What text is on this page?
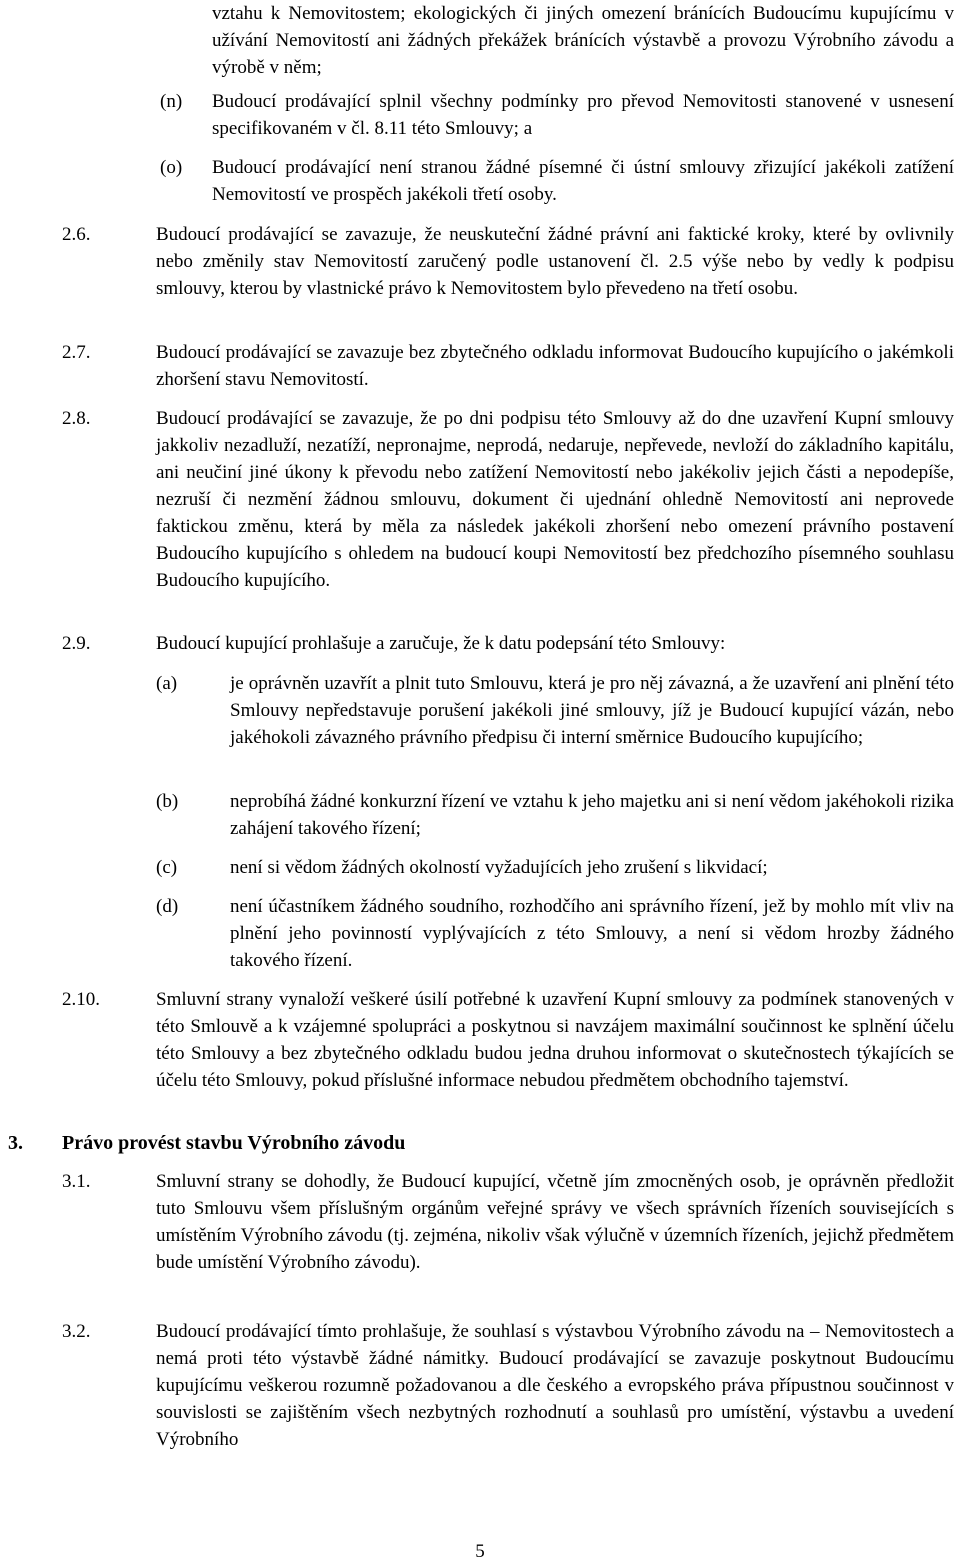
vztahu k Nemovitostem; ekologických či jiných omezení bránících Budoucímu kupujícímu v užívání Nemovitostí ani žádných překážek bránících výstavbě a provozu Výrobního závodu a výrobě v něm;

(n) Budoucí prodávající splnil všechny podmínky pro převod Nemovitosti stanovené v usnesení specifikovaném v čl. 8.11 této Smlouvy; a

(o) Budoucí prodávající není stranou žádné písemné či ústní smlouvy zřizující jakékoli zatížení Nemovitostí ve prospěch jakékoli třetí osoby.

2.6.	Budoucí prodávající se zavazuje, že neuskuteční žádné právní ani faktické kroky, které by ovlivnily nebo změnily stav Nemovitostí zaručený podle ustanovení čl. 2.5 výše nebo by vedly k podpisu smlouvy, kterou by vlastnické právo k Nemovitostem bylo převedeno na třetí osobu.

2.7.	Budoucí prodávající se zavazuje bez zbytečného odkladu informovat Budoucího kupujícího o jakémkoli zhoršení stavu Nemovitostí.

2.8.	Budoucí prodávající se zavazuje, že po dni podpisu této Smlouvy až do dne uzavření Kupní smlouvy jakkoliv nezadluží, nezatíží, nepronajme, neprodá, nedaruje, nepřevede, nevloží do základního kapitálu, ani neučiní jiné úkony k převodu nebo zatížení Nemovitostí nebo jakékoliv jejich části a nepodepíše, nezruší či nezmění žádnou smlouvu, dokument či ujednání ohledně Nemovitostí ani neprovede faktickou změnu, která by měla za následek jakékoli zhoršení nebo omezení právního postavení Budoucího kupujícího s ohledem na budoucí koupi Nemovitostí bez předchozího písemného souhlasu Budoucího kupujícího.

2.9.	Budoucí kupující prohlašuje a zaručuje, že k datu podepsání této Smlouvy:

(a)	je oprávněn uzavřít a plnit tuto Smlouvu, která je pro něj závazná, a že uzavření ani plnění této Smlouvy nepředstavuje porušení jakékoli jiné smlouvy, jíž je Budoucí kupující vázán, nebo jakéhokoli závazného právního předpisu či interní směrnice Budoucího kupujícího;

(b)	neprobíhá žádné konkurzní řízení ve vztahu k jeho majetku ani si není vědom jakéhokoli rizika zahájení takového řízení;

(c)	není si vědom žádných okolností vyžadujících jeho zrušení s likvidací;

(d)	není účastníkem žádného soudního, rozhodčího ani správního řízení, jež by mohlo mít vliv na plnění jeho povinností vyplývajících z této Smlouvy, a není si vědom hrozby žádného takového řízení.

2.10.	Smluvní strany vynaloží veškeré úsilí potřebné k uzavření Kupní smlouvy za podmínek stanovených v této Smlouvě a k vzájemné spolupráci a poskytnou si navzájem maximální součinnost ke splnění účelu této Smlouvy a bez zbytečného odkladu budou jedna druhou informovat o skutečnostech týkajících se účelu této Smlouvy, pokud příslušné informace nebudou předmětem obchodního tajemství.

3. Právo provést stavbu Výrobního závodu
3.1.	Smluvní strany se dohodly, že Budoucí kupující, včetně jím zmocněných osob, je oprávněn předložit tuto Smlouvu všem příslušným orgánům veřejné správy ve všech správních řízeních souvisejících s umístěním Výrobního závodu (tj. zejména, nikoliv však výlučně v územních řízeních, jejichž předmětem bude umístění Výrobního závodu).

3.2.	Budoucí prodávající tímto prohlašuje, že souhlasí s výstavbou Výrobního závodu na – Nemovitostech a nemá proti této výstavbě žádné námitky. Budoucí prodávající se zavazuje poskytnout Budoucímu kupujícímu veškerou rozumně požadovanou a dle českého a evropského práva přípustnou součinnost v souvislosti se zajištěním všech nezbytných rozhodnutí a souhlasů pro umístění, výstavbu a uvedení Výrobního

5
